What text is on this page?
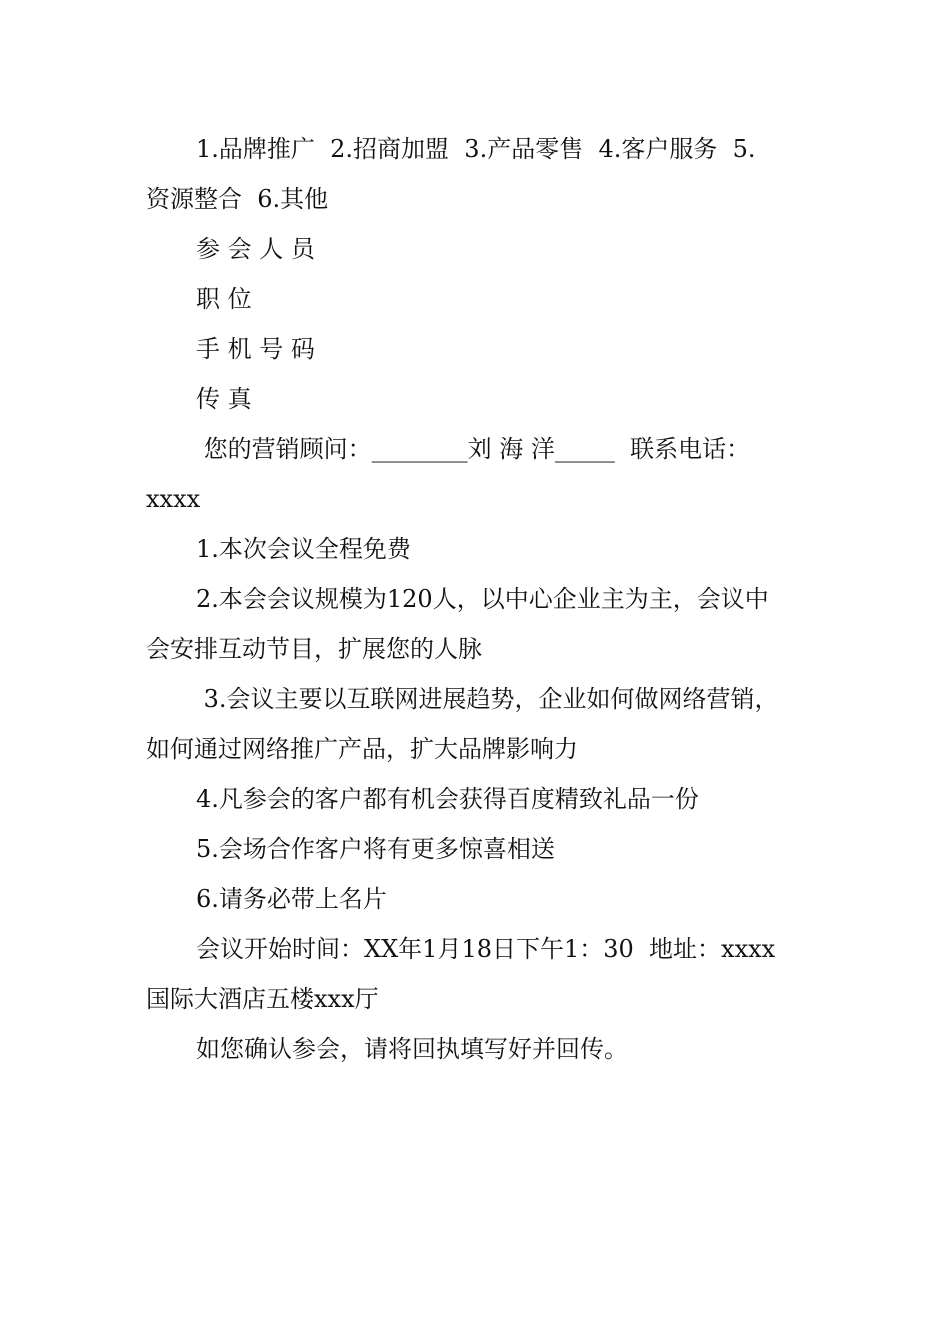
1.品牌推广  2.招商加盟  3.产品零售  4.客户服务  5.
资源整合  6.其他
参 会 人 员
职 位
手 机 号 码
传 真
您的营销顾问：________刘 海 洋_____  联系电话：
xxxx
1.本次会议全程免费
2.本会会议规模为120人，以中心企业主为主，会议中
会安排互动节目，扩展您的人脉
3.会议主要以互联网进展趋势，企业如何做网络营销，
如何通过网络推广产品，扩大品牌影响力
4.凡参会的客户都有机会获得百度精致礼品一份
5.会场合作客户将有更多惊喜相送
6.请务必带上名片
会议开始时间：XX年1月18日下午1：30  地址：xxxx
国际大酒店五楼xxx厅
如您确认参会，请将回执填写好并回传。
